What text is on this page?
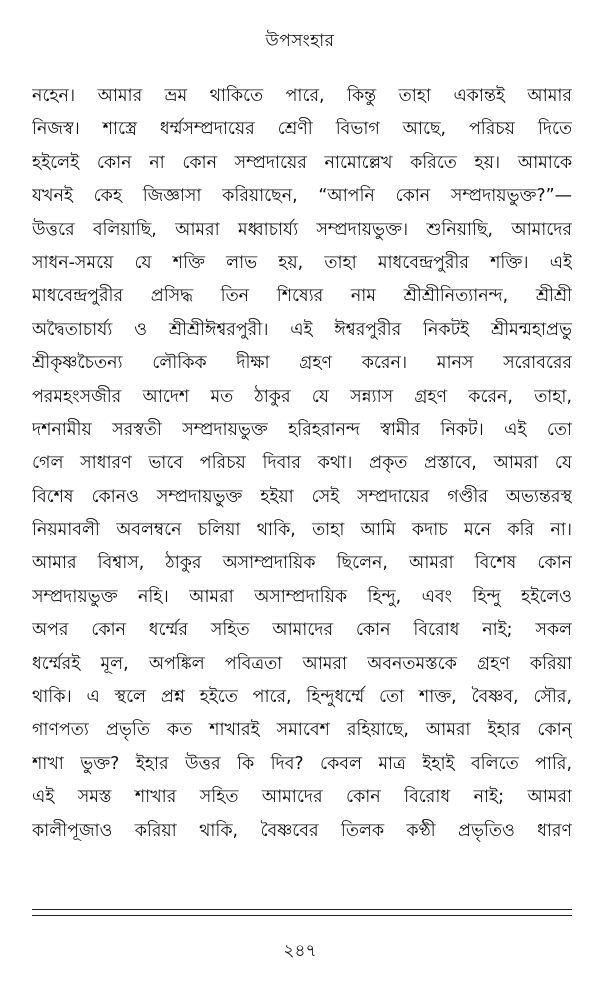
উপসংহার
নহেন। আমার ভ্রম থাকিতে পারে, কিন্তু তাহা একান্তই আমার
নিজস্ব। শাস্ত্রে ধর্ম্মসম্প্রদায়ের শ্রেণী বিভাগ আছে, পরিচয় দিতে
হইলেই কোন না কোন সম্প্রদায়ের নামোল্লেখ করিতে হয়। আমাকে
যখনই কেহ জিজ্ঞাসা করিয়াছেন, “আপনি কোন সম্প্রদায়ভুক্ত?”—
উত্তরে বলিয়াছি, আমরা মধ্বাচার্য্য সম্প্রদায়ভুক্ত। শুনিয়াছি, আমাদের
সাধন-সময়ে যে শক্তি লাভ হয়, তাহা মাধবেন্দ্রপুরীর শক্তি। এই
মাধবেন্দ্রপুরীর প্রসিদ্ধ তিন শিষ্যের নাম শ্রীশ্রীনিত্যানন্দ, শ্রীশ্রী
অদ্বৈতাচার্য্য ও শ্রীশ্রীঈশ্বরপুরী। এই ঈশ্বরপুরীর নিকটই শ্রীমন্মহাপ্রভু
শ্রীকৃষ্ণচৈতন্য লৌকিক দীক্ষা গ্রহণ করেন। মানস সরোবরের
পরমহংসজীর আদেশ মত ঠাকুর যে সন্ন্যাস গ্রহণ করেন, তাহা,
দশনামীয় সরস্বতী সম্প্রদায়ভুক্ত হরিহরানন্দ স্বামীর নিকট। এই তো
গেল সাধারণ ভাবে পরিচয় দিবার কথা। প্রকৃত প্রস্তাবে, আমরা যে
বিশেষ কোনও সম্প্রদায়ভুক্ত হইয়া সেই সম্প্রদায়ের গণ্ডীর অভ্যন্তরস্থ
নিয়মাবলী অবলম্বনে চলিয়া থাকি, তাহা আমি কদাচ মনে করি না।
আমার বিশ্বাস, ঠাকুর অসাম্প্রদায়িক ছিলেন, আমরা বিশেষ কোন
সম্প্রদায়ভুক্ত নহি। আমরা অসাম্প্রদায়িক হিন্দু, এবং হিন্দু হইলেও
অপর কোন ধর্ম্মের সহিত আমাদের কোন বিরোধ নাই; সকল
ধর্ম্মেরই মূল, অপঙ্কিল পবিত্রতা আমরা অবনতমস্তকে গ্রহণ করিয়া
থাকি। এ স্থলে প্রশ্ন হইতে পারে, হিন্দুধর্ম্মে তো শাক্ত, বৈষ্ণব, সৌর,
গাণপত্য প্রভৃতি কত শাখারই সমাবেশ রহিয়াছে, আমরা ইহার কোন্
শাখা ভুক্ত? ইহার উত্তর কি দিব? কেবল মাত্র ইহাই বলিতে পারি,
এই সমস্ত শাখার সহিত আমাদের কোন বিরোধ নাই; আমরা
কালীপূজাও করিয়া থাকি, বৈষ্ণবের তিলক কণ্ঠী প্রভৃতিও ধারণ
২৪৭
